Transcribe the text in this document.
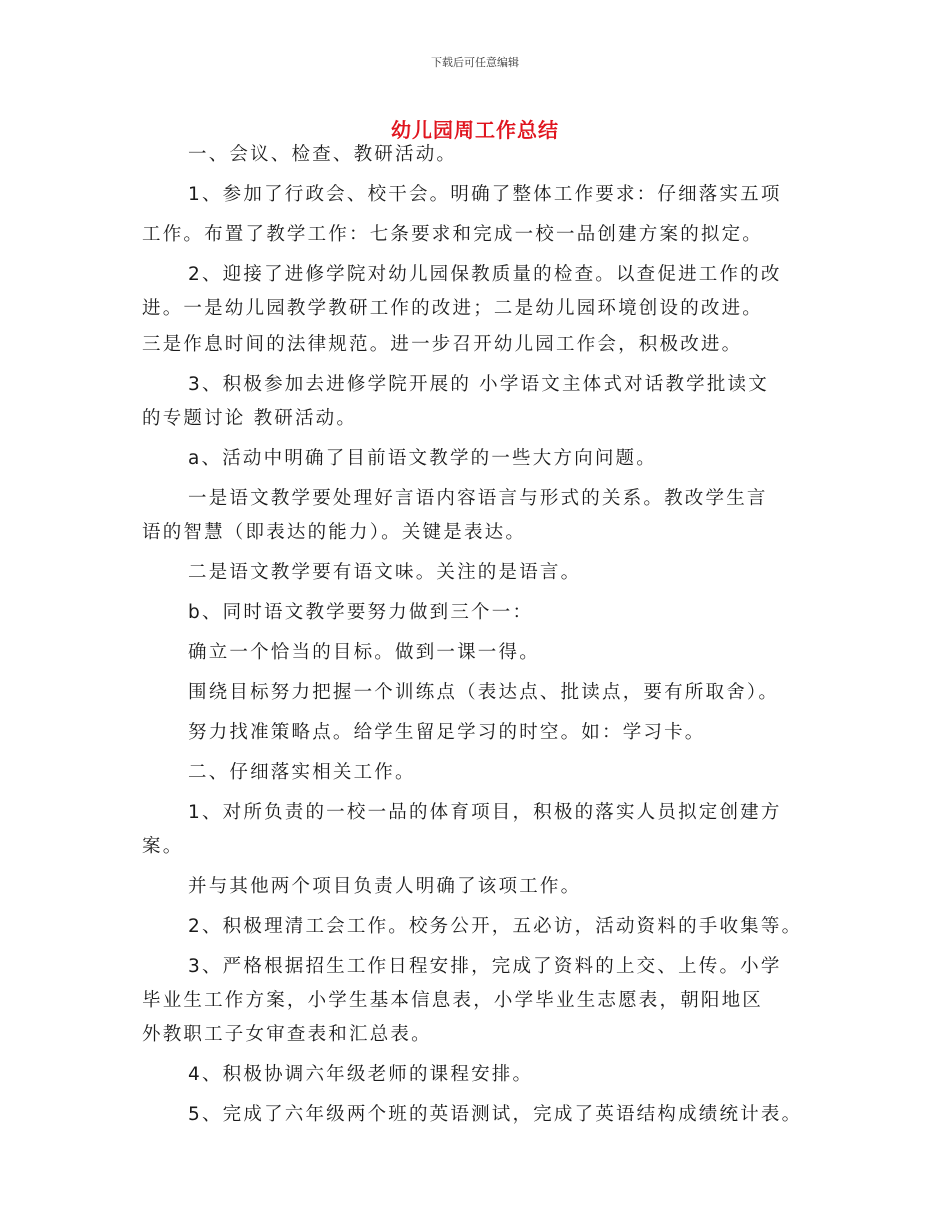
下载后可任意编辑
幼儿园周工作总结
一、会议、检查、教研活动。
1、参加了行政会、校干会。明确了整体工作要求：仔细落实五项
工作。布置了教学工作：七条要求和完成一校一品创建方案的拟定。
2、迎接了进修学院对幼儿园保教质量的检查。以查促进工作的改
进。一是幼儿园教学教研工作的改进；二是幼儿园环境创设的改进。
三是作息时间的法律规范。进一步召开幼儿园工作会，积极改进。
3、积极参加去进修学院开展的 小学语文主体式对话教学批读文
的专题讨论 教研活动。
a、活动中明确了目前语文教学的一些大方向问题。
一是语文教学要处理好言语内容语言与形式的关系。教改学生言
语的智慧（即表达的能力）。关键是表达。
二是语文教学要有语文味。关注的是语言。
b、同时语文教学要努力做到三个一：
确立一个恰当的目标。做到一课一得。
围绕目标努力把握一个训练点（表达点、批读点，要有所取舍）。
努力找准策略点。给学生留足学习的时空。如：学习卡。
二、仔细落实相关工作。
1、对所负责的一校一品的体育项目，积极的落实人员拟定创建方
案。
并与其他两个项目负责人明确了该项工作。
2、积极理清工会工作。校务公开，五必访，活动资料的手收集等。
3、严格根据招生工作日程安排，完成了资料的上交、上传。小学
毕业生工作方案，小学生基本信息表，小学毕业生志愿表，朝阳地区
外教职工子女审查表和汇总表。
4、积极协调六年级老师的课程安排。
5、完成了六年级两个班的英语测试，完成了英语结构成绩统计表。
